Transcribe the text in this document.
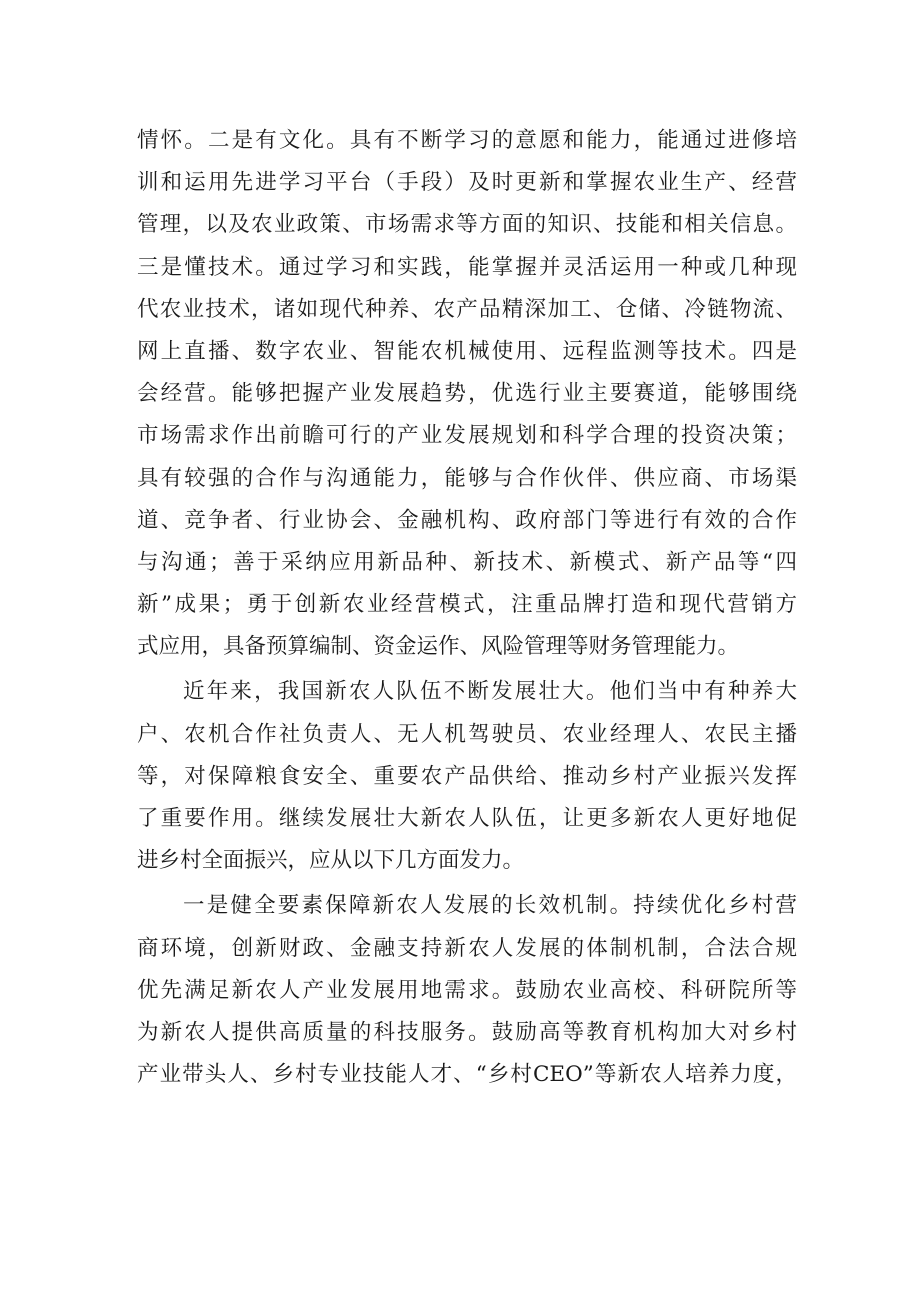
情怀。二是有文化。具有不断学习的意愿和能力，能通过进修培
训和运用先进学习平台（手段）及时更新和掌握农业生产、经营
管理，以及农业政策、市场需求等方面的知识、技能和相关信息。
三是懂技术。通过学习和实践，能掌握并灵活运用一种或几种现
代农业技术，诸如现代种养、农产品精深加工、仓储、冷链物流、
网上直播、数字农业、智能农机械使用、远程监测等技术。四是
会经营。能够把握产业发展趋势，优选行业主要赛道，能够围绕
市场需求作出前瞻可行的产业发展规划和科学合理的投资决策；
具有较强的合作与沟通能力，能够与合作伙伴、供应商、市场渠
道、竞争者、行业协会、金融机构、政府部门等进行有效的合作
与沟通；善于采纳应用新品种、新技术、新模式、新产品等“四
新”成果；勇于创新农业经营模式，注重品牌打造和现代营销方
式应用，具备预算编制、资金运作、风险管理等财务管理能力。
近年来，我国新农人队伍不断发展壮大。他们当中有种养大
户、农机合作社负责人、无人机驾驶员、农业经理人、农民主播
等，对保障粮食安全、重要农产品供给、推动乡村产业振兴发挥
了重要作用。继续发展壮大新农人队伍，让更多新农人更好地促
进乡村全面振兴，应从以下几方面发力。
一是健全要素保障新农人发展的长效机制。持续优化乡村营
商环境，创新财政、金融支持新农人发展的体制机制，合法合规
优先满足新农人产业发展用地需求。鼓励农业高校、科研院所等
为新农人提供高质量的科技服务。鼓励高等教育机构加大对乡村
产业带头人、乡村专业技能人才、“乡村CEO”等新农人培养力度，
